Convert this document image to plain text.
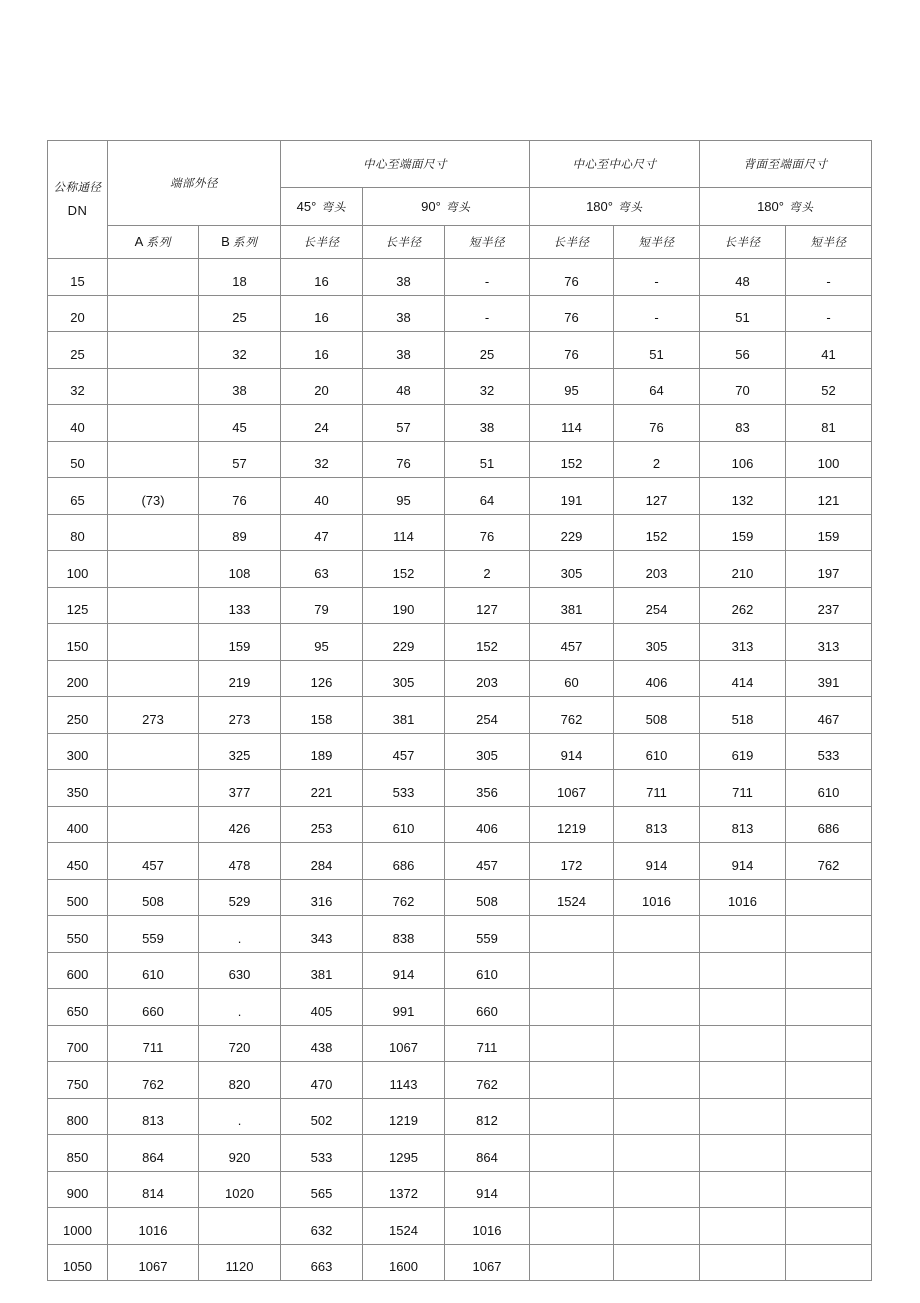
公称通径
DN	端部外径		中心至端面尺寸			中心至中心尺寸		背面至端面尺寸	
			45° 弯头	90° 弯头		180° 弯头		180° 弯头	
	A 系列	B 系列	长半径	长半径	短半径	长半径	短半径	长半径	短半径
15		18	16	38	-	76	-	48	-
20		25	16	38	-	76	-	51	-
25		32	16	38	25	76	51	56	41
32		38	20	48	32	95	64	70	52
40		45	24	57	38	114	76	83	81
50		57	32	76	51	152	2	106	100
65	(73)	76	40	95	64	191	127	132	121
80		89	47	114	76	229	152	159	159
100		108	63	152	2	305	203	210	197
125		133	79	190	127	381	254	262	237
150		159	95	229	152	457	305	313	313
200		219	126	305	203	60	406	414	391
250	273	273	158	381	254	762	508	518	467
300		325	189	457	305	914	610	619	533
350		377	221	533	356	1067	711	711	610
400		426	253	610	406	1219	813	813	686
450	457	478	284	686	457	172	914	914	762
500	508	529	316	762	508	1524	1016	1016	
550	559	.	343	838	559				
600	610	630	381	914	610				
650	660	.	405	991	660				
700	711	720	438	1067	711				
750	762	820	470	1143	762				
800	813	.	502	1219	812				
850	864	920	533	1295	864				
900	814	1020	565	1372	914				
1000	1016		632	1524	1016				
1050	1067	1120	663	1600	1067				
